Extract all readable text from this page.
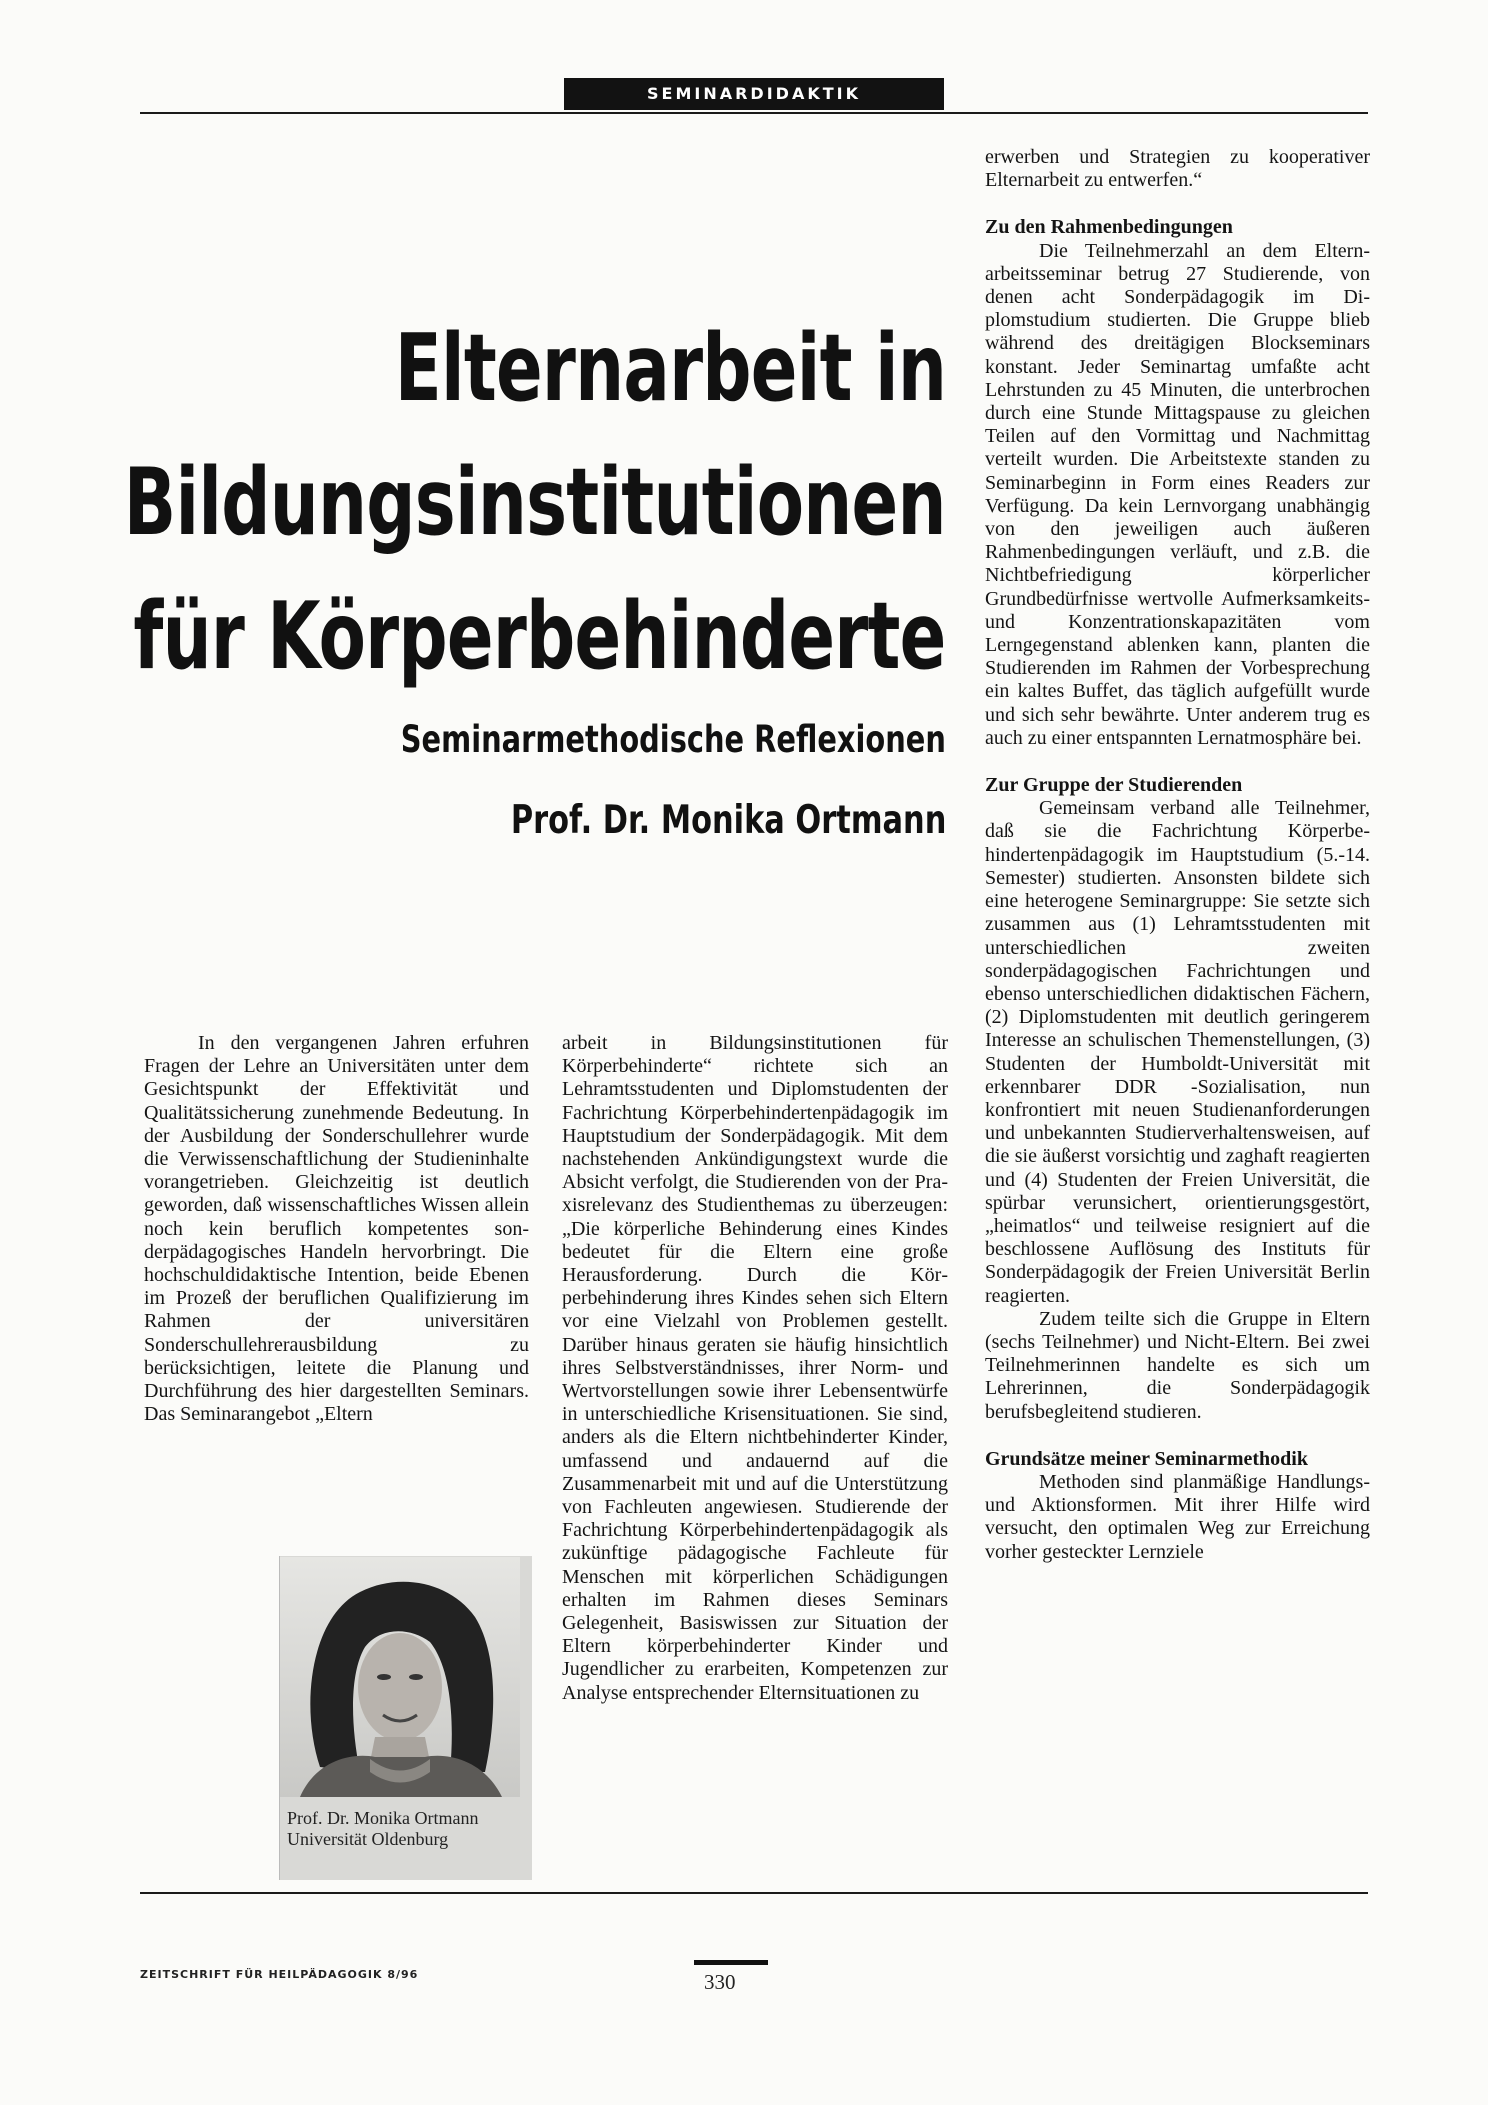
SEMINARDIDAKTIK
Elternarbeit in
Bildungsinstitutionen
für Körperbehinderte
Seminarmethodische Reflexionen
Prof. Dr. Monika Ortmann

erwerben und Strategien zu kooperativer Elternarbeit zu entwerfen.“

Zu den Rahmenbedingungen

Die Teilnehmerzahl an dem Elternarbeitsseminar betrug 27 Studierende, von denen acht Sonderpädagogik im Diplomstudium studierten. Die Gruppe blieb während des dreitägigen Blockseminars konstant. Jeder Seminartag umfaßte acht Lehrstunden zu 45 Minuten, die unterbrochen durch eine Stunde Mittagspause zu gleichen Teilen auf den Vormittag und Nachmittag verteilt wurden. Die Arbeitstexte standen zu Seminarbeginn in Form eines Readers zur Verfügung. Da kein Lernvorgang unabhängig von den jeweiligen auch äußeren Rahmenbedingungen verläuft, und z.B. die Nichtbefriedigung körperlicher Grundbedürfnisse wertvolle Aufmerksamkeits- und Konzentrationskapazitäten vom Lerngegenstand ablenken kann, planten die Studierenden im Rahmen der Vorbesprechung ein kaltes Buffet, das täglich aufgefüllt wurde und sich sehr bewährte. Unter anderem trug es auch zu einer entspannten Lernatmosphäre bei.

Zur Gruppe der Studierenden

Gemeinsam verband alle Teilnehmer, daß sie die Fachrichtung Körperbehindertenpädagogik im Hauptstudium (5.-14. Semester) studierten. Ansonsten bildete sich eine heterogene Seminargruppe: Sie setzte sich zusammen aus (1) Lehramtsstudenten mit unterschiedlichen zweiten sonderpädagogischen Fachrichtungen und ebenso unterschiedlichen didaktischen Fächern, (2) Diplomstudenten mit deutlich geringerem Interesse an schulischen Themenstellungen, (3) Studenten der Humboldt-Universität mit erkennbarer DDR -Sozialisation, nun konfrontiert mit neuen Studienanforderungen und unbekannten Studierverhaltensweisen, auf die sie äußerst vorsichtig und zaghaft reagierten und (4) Studenten der Freien Universität, die spürbar verunsichert, orientierungsgestört, „heimatlos“ und teilweise resigniert auf die beschlossene Auflösung des Instituts für Sonderpädagogik der Freien Universität Berlin reagierten.

Zudem teilte sich die Gruppe in Eltern (sechs Teilnehmer) und Nicht-Eltern. Bei zwei Teilnehmerinnen handelte es sich um Lehrerinnen, die Sonderpädagogik berufsbegleitend studieren.

Grundsätze meiner Seminarmethodik

Methoden sind planmäßige Handlungs- und Aktionsformen. Mit ihrer Hilfe wird versucht, den optimalen Weg zur Erreichung vorher gesteckter Lernziele

In den vergangenen Jahren erfuhren Fragen der Lehre an Universitäten unter dem Gesichtspunkt der Effektivität und Qualitätssicherung zunehmende Bedeutung. In der Ausbildung der Sonderschullehrer wurde die Verwissenschaftlichung der Studieninhalte vorangetrieben. Gleichzeitig ist deutlich geworden, daß wissenschaftliches Wissen allein noch kein beruflich kompetentes sonderpädagogisches Handeln hervorbringt. Die hochschuldidaktische Intention, beide Ebenen im Prozeß der beruflichen Qualifizierung im Rahmen der universitären Sonderschullehrerausbildung zu berücksichtigen, leitete die Planung und Durchführung des hier dargestellten Seminars. Das Seminarangebot „Eltern

arbeit in Bildungsinstitutionen für Körperbehinderte“ richtete sich an Lehramtsstudenten und Diplomstudenten der Fachrichtung Körperbehindertenpädagogik im Hauptstudium der Sonderpädagogik. Mit dem nachstehenden Ankündigungstext wurde die Absicht verfolgt, die Studierenden von der Praxisrelevanz des Studienthemas zu überzeugen: „Die körperliche Behinderung eines Kindes bedeutet für die Eltern eine große Herausforderung. Durch die Körperbehinderung ihres Kindes sehen sich Eltern vor eine Vielzahl von Problemen gestellt. Darüber hinaus geraten sie häufig hinsichtlich ihres Selbstverständnisses, ihrer Norm- und Wertvorstellungen sowie ihrer Lebensentwürfe in unterschiedliche Krisensituationen. Sie sind, anders als die Eltern nichtbehinderter Kinder, umfassend und andauernd auf die Zusammenarbeit mit und auf die Unterstützung von Fachleuten angewiesen. Studierende der Fachrichtung Körperbehindertenpädagogik als zukünftige pädagogische Fachleute für Menschen mit körperlichen Schädigungen erhalten im Rahmen dieses Seminars Gelegenheit, Basiswissen zur Situation der Eltern körperbehinderter Kinder und Jugendlicher zu erarbeiten, Kompetenzen zur Analyse entsprechender Elternsituationen zu

Prof. Dr. Monika Ortmann
Universität Oldenburg
ZEITSCHRIFT FÜR HEILPÄDAGOGIK 8/96	330
